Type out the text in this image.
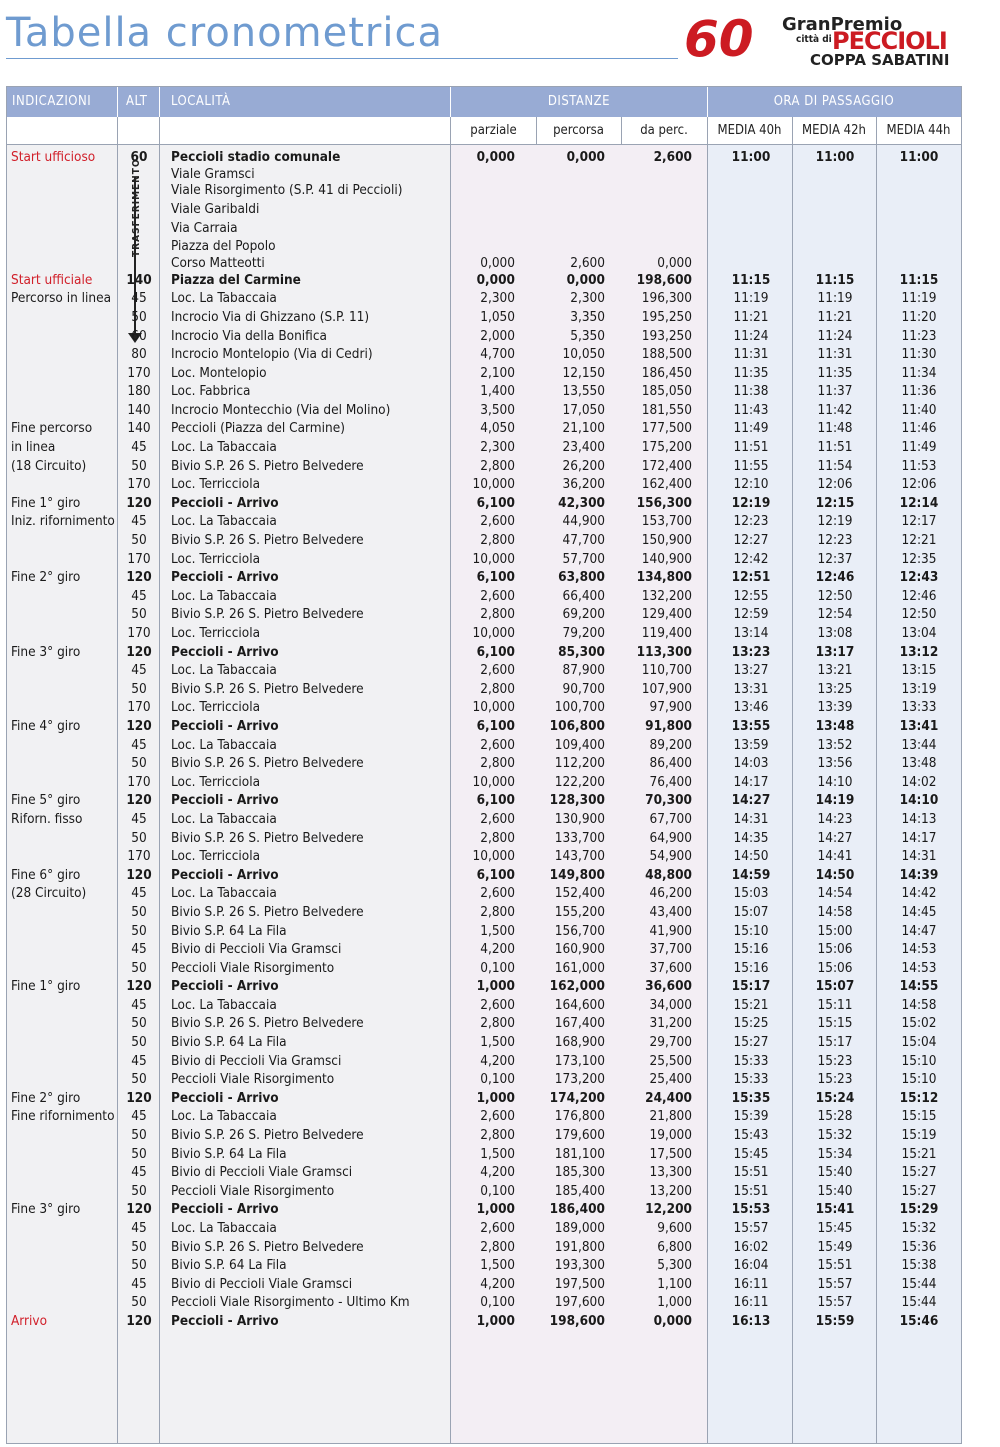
Tabella cronometrica	60 GranPremio
città di PECCIOLI
COPPA SABATINI
INDICAZIONI	ALT LOCALITÀ	DISTANZE	ORA DI PASSAGGIO
parziale	percorsa	da perc.	MEDIA 40h	MEDIA 42h	MEDIA 44h
TRASFERIMENTO
Start ufficioso	60	Peccioli stadio comunale	0,000	0,000	2,600	11:00	11:00	11:00
Viale Gramsci
Viale Risorgimento (S.P. 41 di Peccioli)
Viale Garibaldi
Via Carraia
Piazza del Popolo
Corso Matteotti	0,000	2,600	0,000
Start ufficiale	140	Piazza del Carmine	0,000	0,000	198,600	11:15	11:15	11:15
Percorso in linea	45	Loc. La Tabaccaia	2,300	2,300	196,300	11:19	11:19	11:19
50	Incrocio Via di Ghizzano (S.P. 11)	1,050	3,350	195,250	11:21	11:21	11:20
60	Incrocio Via della Bonifica	2,000	5,350	193,250	11:24	11:24	11:23
80	Incrocio Montelopio (Via di Cedri)	4,700	10,050	188,500	11:31	11:31	11:30
170	Loc. Montelopio	2,100	12,150	186,450	11:35	11:35	11:34
180	Loc. Fabbrica	1,400	13,550	185,050	11:38	11:37	11:36
140	Incrocio Montecchio (Via del Molino)	3,500	17,050	181,550	11:43	11:42	11:40
Fine percorso	140	Peccioli (Piazza del Carmine)	4,050	21,100	177,500	11:49	11:48	11:46
in linea	45	Loc. La Tabaccaia	2,300	23,400	175,200	11:51	11:51	11:49
(18 Circuito)	50	Bivio S.P. 26 S. Pietro Belvedere	2,800	26,200	172,400	11:55	11:54	11:53
170	Loc. Terricciola	10,000	36,200	162,400	12:10	12:06	12:06
Fine 1° giro	120	Peccioli - Arrivo	6,100	42,300	156,300	12:19	12:15	12:14
Iniz. rifornimento	45	Loc. La Tabaccaia	2,600	44,900	153,700	12:23	12:19	12:17
50	Bivio S.P. 26 S. Pietro Belvedere	2,800	47,700	150,900	12:27	12:23	12:21
170	Loc. Terricciola	10,000	57,700	140,900	12:42	12:37	12:35
Fine 2° giro	120	Peccioli - Arrivo	6,100	63,800	134,800	12:51	12:46	12:43
45	Loc. La Tabaccaia	2,600	66,400	132,200	12:55	12:50	12:46
50	Bivio S.P. 26 S. Pietro Belvedere	2,800	69,200	129,400	12:59	12:54	12:50
170	Loc. Terricciola	10,000	79,200	119,400	13:14	13:08	13:04
Fine 3° giro	120	Peccioli - Arrivo	6,100	85,300	113,300	13:23	13:17	13:12
45	Loc. La Tabaccaia	2,600	87,900	110,700	13:27	13:21	13:15
50	Bivio S.P. 26 S. Pietro Belvedere	2,800	90,700	107,900	13:31	13:25	13:19
170	Loc. Terricciola	10,000	100,700	97,900	13:46	13:39	13:33
Fine 4° giro	120	Peccioli - Arrivo	6,100	106,800	91,800	13:55	13:48	13:41
45	Loc. La Tabaccaia	2,600	109,400	89,200	13:59	13:52	13:44
50	Bivio S.P. 26 S. Pietro Belvedere	2,800	112,200	86,400	14:03	13:56	13:48
170	Loc. Terricciola	10,000	122,200	76,400	14:17	14:10	14:02
Fine 5° giro	120	Peccioli - Arrivo	6,100	128,300	70,300	14:27	14:19	14:10
Riforn. fisso	45	Loc. La Tabaccaia	2,600	130,900	67,700	14:31	14:23	14:13
50	Bivio S.P. 26 S. Pietro Belvedere	2,800	133,700	64,900	14:35	14:27	14:17
170	Loc. Terricciola	10,000	143,700	54,900	14:50	14:41	14:31
Fine 6° giro	120	Peccioli - Arrivo	6,100	149,800	48,800	14:59	14:50	14:39
(28 Circuito)	45	Loc. La Tabaccaia	2,600	152,400	46,200	15:03	14:54	14:42
50	Bivio S.P. 26 S. Pietro Belvedere	2,800	155,200	43,400	15:07	14:58	14:45
50	Bivio S.P. 64 La Fila	1,500	156,700	41,900	15:10	15:00	14:47
45	Bivio di Peccioli Via Gramsci	4,200	160,900	37,700	15:16	15:06	14:53
50	Peccioli Viale Risorgimento	0,100	161,000	37,600	15:16	15:06	14:53
Fine 1° giro	120	Peccioli - Arrivo	1,000	162,000	36,600	15:17	15:07	14:55
45	Loc. La Tabaccaia	2,600	164,600	34,000	15:21	15:11	14:58
50	Bivio S.P. 26 S. Pietro Belvedere	2,800	167,400	31,200	15:25	15:15	15:02
50	Bivio S.P. 64 La Fila	1,500	168,900	29,700	15:27	15:17	15:04
45	Bivio di Peccioli Via Gramsci	4,200	173,100	25,500	15:33	15:23	15:10
50	Peccioli Viale Risorgimento	0,100	173,200	25,400	15:33	15:23	15:10
Fine 2° giro	120	Peccioli - Arrivo	1,000	174,200	24,400	15:35	15:24	15:12
Fine rifornimento	45	Loc. La Tabaccaia	2,600	176,800	21,800	15:39	15:28	15:15
50	Bivio S.P. 26 S. Pietro Belvedere	2,800	179,600	19,000	15:43	15:32	15:19
50	Bivio S.P. 64 La Fila	1,500	181,100	17,500	15:45	15:34	15:21
45	Bivio di Peccioli Viale Gramsci	4,200	185,300	13,300	15:51	15:40	15:27
50	Peccioli Viale Risorgimento	0,100	185,400	13,200	15:51	15:40	15:27
Fine 3° giro	120	Peccioli - Arrivo	1,000	186,400	12,200	15:53	15:41	15:29
45	Loc. La Tabaccaia	2,600	189,000	9,600	15:57	15:45	15:32
50	Bivio S.P. 26 S. Pietro Belvedere	2,800	191,800	6,800	16:02	15:49	15:36
50	Bivio S.P. 64 La Fila	1,500	193,300	5,300	16:04	15:51	15:38
45	Bivio di Peccioli Viale Gramsci	4,200	197,500	1,100	16:11	15:57	15:44
50	Peccioli Viale Risorgimento - Ultimo Km	0,100	197,600	1,000	16:11	15:57	15:44
Arrivo	120	Peccioli - Arrivo	1,000	198,600	0,000	16:13	15:59	15:46
